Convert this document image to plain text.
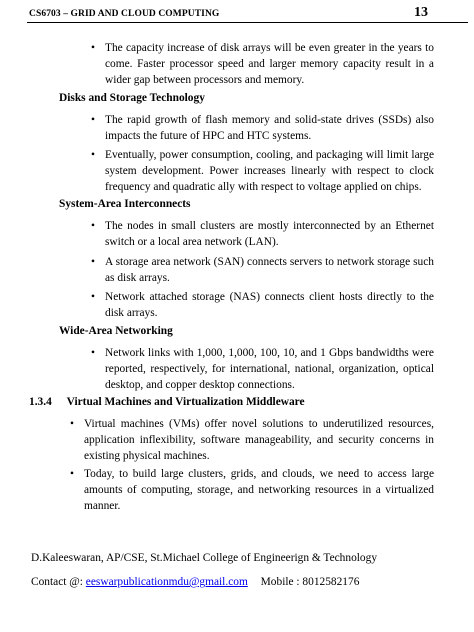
CS6703 – GRID AND CLOUD COMPUTING	13
• The capacity increase of disk arrays will be even greater in the years to come. Faster processor speed and larger memory capacity result in a wider gap between processors and memory.
Disks and Storage Technology
• The rapid growth of flash memory and solid-state drives (SSDs) also impacts the future of HPC and HTC systems.
• Eventually, power consumption, cooling, and packaging will limit large system development. Power increases linearly with respect to clock frequency and quadratic ally with respect to voltage applied on chips.
System-Area Interconnects
• The nodes in small clusters are mostly interconnected by an Ethernet switch or a local area network (LAN).
• A storage area network (SAN) connects servers to network storage such as disk arrays.
• Network attached storage (NAS) connects client hosts directly to the disk arrays.
Wide-Area Networking
• Network links with 1,000, 1,000, 100, 10, and 1 Gbps bandwidths were reported, respectively, for international, national, organization, optical desktop, and copper desktop connections.
1.3.4 Virtual Machines and Virtualization Middleware
• Virtual machines (VMs) offer novel solutions to underutilized resources, application inflexibility, software manageability, and security concerns in existing physical machines.
• Today, to build large clusters, grids, and clouds, we need to access large amounts of computing, storage, and networking resources in a virtualized manner.
D.Kaleeswaran, AP/CSE, St.Michael College of Engineerign & Technology
Contact @: eeswarpublicationmdu@gmail.com Mobile : 8012582176
